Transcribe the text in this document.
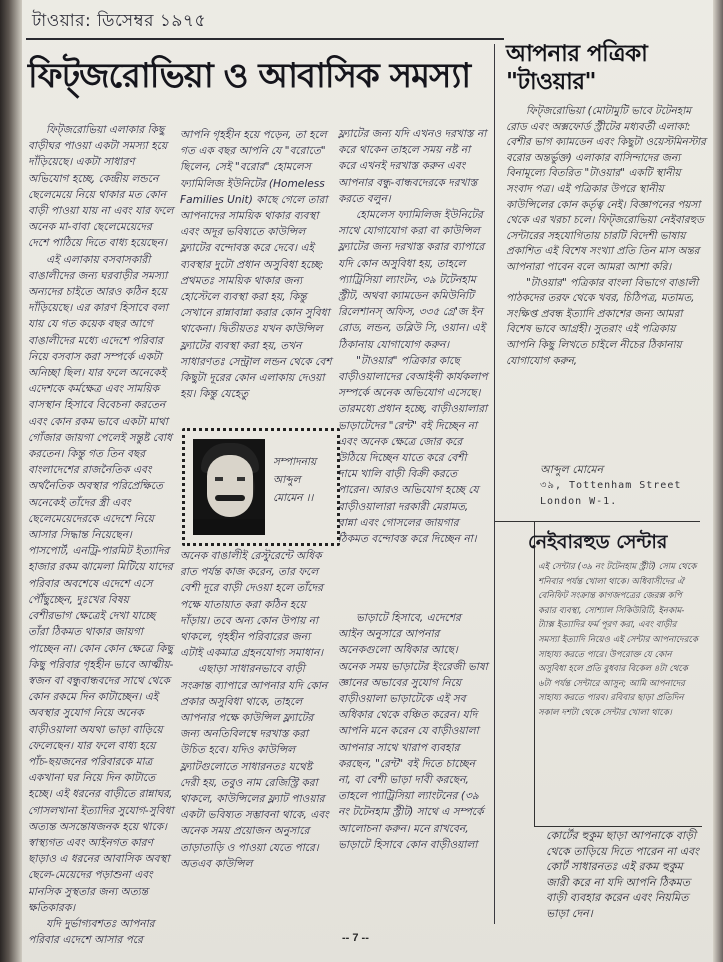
টাওয়ার: ডিসেম্বর ১৯৭৫
ফিট্‌জরোভিয়া ও আবাসিক সমস্যা

ফিট্‌জরোভিয়া এলাকার কিছু বাড়ীঘর পাওয়া একটা সমস্যা হয়ে দাঁড়িয়েছে। একটা সাধারণ অভিযোগ হচ্ছে, কেন্দ্রীয় লন্ডনে ছেলেমেয়ে নিয়ে থাকার মত কোন বাড়ী পাওয়া যায় না এবং যার ফলে অনেক মা-বাবা ছেলেমেয়েদের দেশে পাঠিয়ে দিতে বাধ্য হয়েছেন।

এই এলাকায় বসবাসকারী বাঙালীদের জন্য ঘরবাড়ীর সমস্যা অন্যদের চাইতে আরও কঠিন হয়ে দাঁড়িয়েছে। এর কারণ হিসাবে বলা যায় যে গত কয়েক বছর আগে বাঙালীদের মধ্যে এদেশে পরিবার নিয়ে বসবাস করা সম্পর্কে একটা অনিচ্ছা ছিল। যার ফলে অনেকেই এদেশকে কর্মক্ষেত্র এবং সাময়িক বাসস্থান হিসাবে বিবেচনা করতেন এবং কোন রকম ভাবে একটা মাথা গোঁজার জায়গা পেলেই সন্তুষ্ট বোধ করতেন। কিন্তু গত তিন বছর বাংলাদেশের রাজনৈতিক এবং অর্থনৈতিক অবস্থার পরিপ্রেক্ষিতে অনেকেই তাঁদের স্ত্রী এবং ছেলেমেয়েদেরকে এদেশে নিয়ে আসার সিদ্ধান্ত নিয়েছেন। পাসপোর্ট, এনট্রি-পারমিট ইত্যাদির হাজার রকম ঝামেলা মিটিয়ে যাদের পরিবার অবশেষে এদেশে এসে পৌঁছুচ্ছেন, দুঃখের বিষয় বেশীরভাগ ক্ষেত্রেই দেখা যাচ্ছে তাঁরা ঠিকমত থাকার জায়গা পাচ্ছেন না। কোন কোন ক্ষেত্রে কিছু কিছু পরিবার গৃহহীন ভাবে আত্মীয়-স্বজন বা বন্ধুবান্ধবদের সাথে থেকে কোন রকমে দিন কাটাচ্ছেন। এই অবস্থার সুযোগ নিয়ে অনেক বাড়ীওয়ালা অযথা ভাড়া বাড়িয়ে ফেলেছেন। যার ফলে বাধ্য হয়ে পাঁচ-ছয়জনের পরিবারকে মাত্র একখানা ঘর নিয়ে দিন কাটাতে হচ্ছে। এই ধরনের বাড়ীতে রান্নাঘর, গোসলখানা ইত্যাদির সুযোগ-সুবিধা অত্যন্ত অসন্তোষজনক হয়ে থাকে। স্বাস্থ্যগত এবং আইনগত কারণ ছাড়াও এ ধরনের আবাসিক অবস্থা ছেলে-মেয়েদের পড়াশুনা এবং মানসিক সুস্থতার জন্য অত্যন্ত ক্ষতিকারক।

যদি দুর্ভাগ্যবশতঃ আপনার পরিবার এদেশে আসার পরে

আপনি গৃহহীন হয়ে পড়েন, তা হলে গত এক বছর আপনি যে "বরোতে" ছিলেন, সেই "বরোর" হোমলেস ফ্যামিলিজ ইউনিটের (Homeless Families Unit) কাছে গেলে তারা আপনাদের সাময়িক থাকার ব্যবস্থা এবং অদূর ভবিষ্যতে কাউন্সিল ফ্ল্যাটের বন্দোবস্ত করে দেবে। এই ব্যবস্থার দুটো প্রধান অসুবিধা হচ্ছে: প্রথমতঃ সাময়িক থাকার জন্য হোস্টেলে ব্যবস্থা করা হয়, কিন্তু সেখানে রান্নাবান্না করার কোন সুবিধা থাকেনা। দ্বিতীয়তঃ যখন কাউন্সিল ফ্ল্যাটের ব্যবস্থা করা হয়, তখন সাধারণতঃ সেন্ট্রাল লন্ডন থেকে বেশ কিছুটা দূরের কোন এলাকায় দেওয়া হয়। কিন্তু যেহেতু

সম্পাদনায়
আব্দুল
মোমেন ।।

অনেক বাঙালীই রেস্টুরেন্টে অধিক রাত পর্যন্ত কাজ করেন, তার ফলে বেশী দূরে বাড়ী দেওয়া হলে তাঁদের পক্ষে যাতায়াত করা কঠিন হয়ে দাঁড়ায়। তবে অন্য কোন উপায় না থাকলে, গৃহহীন পরিবারের জন্য এটাই একমাত্র গ্রহনযোগ্য সমাধান।

এছাড়া সাধারনভাবে বাড়ী সংক্রান্ত ব্যাপারে আপনার যদি কোন প্রকার অসুবিধা থাকে, তাহলে আপনার পক্ষে কাউন্সিল ফ্ল্যাটের জন্য অনতিবিলম্বে দরখাস্ত করা উচিত হবে। যদিও কাউন্সিল ফ্ল্যাটগুলোতে সাধারনতঃ যথেষ্ট দেরী হয়, তবুও নাম রেজিস্ট্রি করা থাকলে, কাউন্সিলের ফ্ল্যাট পাওয়ার একটা ভবিষ্যত সম্ভাবনা থাকে, এবং অনেক সময় প্রয়োজন অনুসারে তাড়াতাড়ি ও পাওয়া যেতে পারে। অতএব কাউন্সিল

ফ্ল্যাটের জন্য যদি এখনও দরখাস্ত না করে থাকেন তাহলে সময় নষ্ট না করে এখনই দরখাস্ত করুন এবং আপনার বন্ধু-বান্ধবদেরকে দরখাস্ত করতে বলুন।

হোমলেস ফ্যামিলিজ ইউনিটের সাথে যোগাযোগ করা বা কাউন্সিল ফ্ল্যাটের জন্য দরখাস্ত করার ব্যাপারে যদি কোন অসুবিধা হয়, তাহলে প্যাট্রিসিয়া ল্যাংটন, ৩৯ টটেনহাম স্ট্রীট, অথবা ক্যামডেন কমিউনিটি রিলেশানস্ অফিস, ৩৩৫ গ্রে'জ ইন রোড, লন্ডন, ডব্লিউ সি, ওয়ান। এই ঠিকানায় যোগাযোগ করুন।

"টাওয়ার" পত্রিকার কাছে বাড়ীওয়ালাদের বেআইনী কার্যকলাপ সম্পর্কে অনেক অভিযোগ এসেছে। তারমধ্যে প্রধান হচ্ছে, বাড়ীওয়ালারা ভাড়াটেদের "রেন্ট" বই দিচ্ছেন না এবং অনেক ক্ষেত্রে জোর করে উঠিয়ে দিচ্ছেন যাতে করে বেশী দামে খালি বাড়ী বিক্রী করতে পারেন। আরও অভিযোগ হচ্ছে যে বাড়ীওয়ালারা দরকারী মেরামত, রান্না এবং গোসলের জায়গার ঠিকমত বন্দোবস্ত করে দিচ্ছেন না।

ভাড়াটে হিসাবে, এদেশের আইন অনুসারে আপনার অনেকগুলো অধিকার আছে। অনেক সময় ভাড়াটের ইংরেজী ভাষা জ্ঞানের অভাবের সুযোগ নিয়ে বাড়ীওয়ালা ভাড়াটেকে এই সব অধিকার থেকে বঞ্চিত করেন। যদি আপনি মনে করেন যে বাড়ীওয়ালা আপনার সাথে খারাপ ব্যবহার করছেন, "রেন্ট" বই দিতে চাচ্ছেন না, বা বেশী ভাড়া দাবী করছেন, তাহলে প্যাট্রিসিয়া ল্যাংটনের (৩৯ নং টটেনহাম স্ট্রীট) সাথে এ সম্পর্কে আলোচনা করুন। মনে রাখবেন, ভাড়াটে হিসাবে কোন বাড়ীওয়ালা

আপনার পত্রিকা
"টাওয়ার"

ফিট্‌জরোভিয়া (মোটামুটি ভাবে টটেনহাম রোড এবং অক্সফোর্ড স্ট্রীটের মধ্যবর্তী এলাকা: বেশীর ভাগ ক্যামডেন এবং কিছুটা ওয়েস্টমিনস্টার বরোর অন্তর্ভুক্ত) এলাকার বাসিন্দাদের জন্য বিনামূল্যে বিতরিত "টাওয়ার" একটি স্থানীয় সংবাদ পত্র। এই পত্রিকার উপরে স্থানীয় কাউন্সিলের কোন কর্তৃত্ব নেই। বিজ্ঞাপনের পয়সা থেকে এর খরচা চলে। ফিট্‌জরোভিয়া নেইবারহুড সেন্টারের সহযোগিতায় চারটি বিদেশী ভাষায় প্রকাশিত এই বিশেষ সংখ্যা প্রতি তিন মাস অন্তর আপনারা পাবেন বলে আমরা আশা করি।

"টাওয়ার" পত্রিকার বাংলা বিভাগে বাঙালী পাঠকদের তরফ থেকে খবর, চিঠিপত্র, মতামত, সংক্ষিপ্ত প্রবন্ধ ইত্যাদি প্রকাশের জন্য আমরা বিশেষ ভাবে আগ্রহী। সুতরাং এই পত্রিকায় আপনি কিছু লিখতে চাইলে নীচের ঠিকানায় যোগাযোগ করুন,

আব্দুল মোমেন
৩৯, Tottenham Street
London W-1.
নেইবারহুড সেন্টার
এই সেন্টার (৩৯ নং টটেনহাম স্ট্রীট) সোম থেকে শনিবার পর্যন্ত খোলা থাকে। অধিবাসীদের ঐ বেনিফিট সংক্রান্ত কাগজপত্রের জেরক্স কপি করার ব্যবস্থা, সোশ্যাল সিকিউরিটি, ইনকাম-ট্যাক্স ইত্যাদির ফর্ম পূরণ করা, এবং বাড়ীর সমস্যা ইত্যাদি নিয়েও এই সেন্টার আপনাদেরকে সাহায্য করতে পারে। উপরোক্ত যে কোন অসুবিধা হলে প্রতি বুধবার বিকেল ৪টা থেকে ৬টা পর্যন্ত সেন্টারে আসুন; আমি আপনাদের সাহায্য করতে পারব। রবিবার ছাড়া প্রতিদিন সকাল দশটা থেকে সেন্টার খোলা থাকে।
কোর্টের হুকুম ছাড়া আপনাকে বাড়ী থেকে তাড়িয়ে দিতে পারেন না এবং কোর্ট সাধারনতঃ এই রকম হুকুম জারী করে না যদি আপনি ঠিকমত বাড়ী ব্যবহার করেন এবং নিয়মিত ভাড়া দেন।
-- 7 --
